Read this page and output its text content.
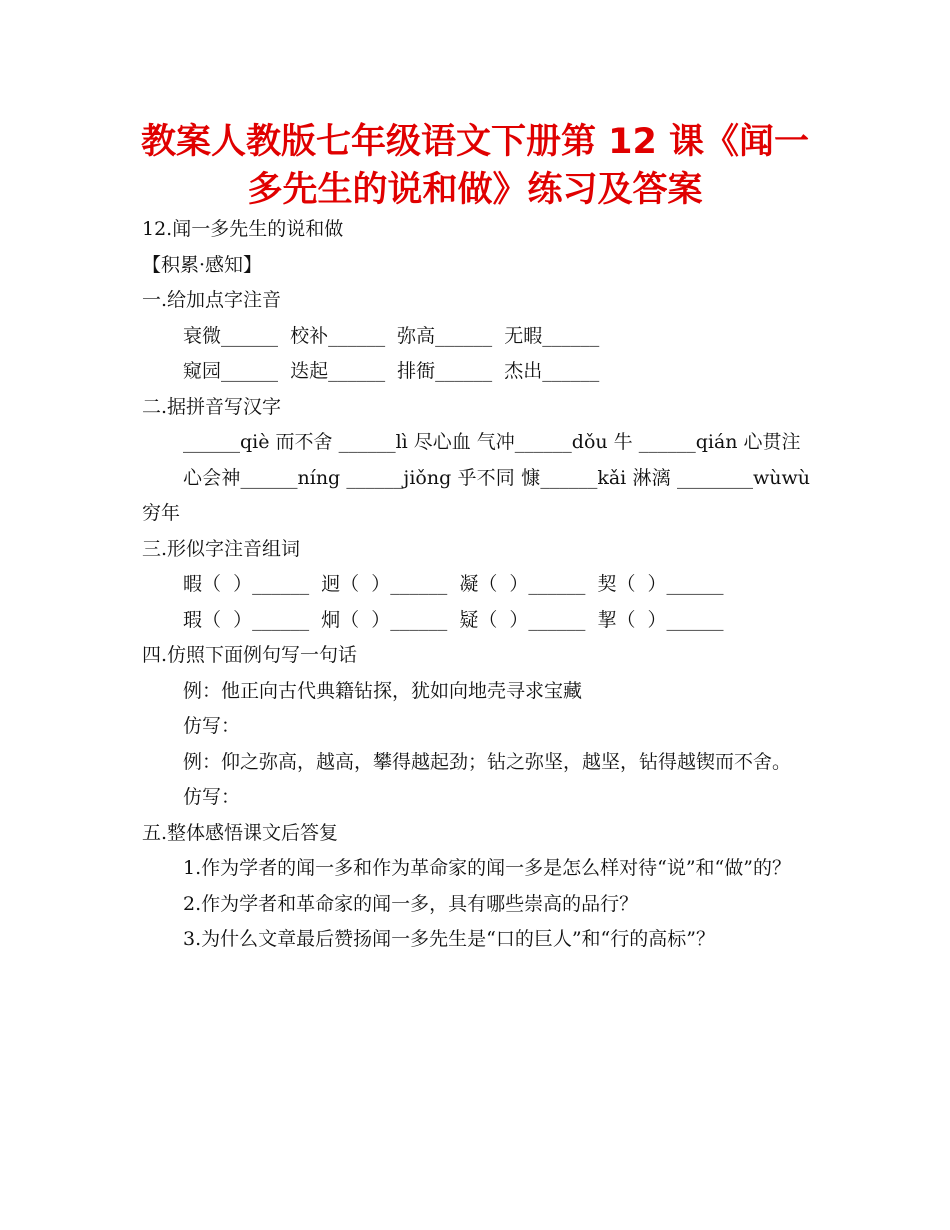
教案人教版七年级语文下册第 12 课《闻一
多先生的说和做》练习及答案

12.闻一多先生的说和做

【积累·感知】

一.给加点字注音

衰微______  校补______  弥高______  无暇______

窥园______  迭起______  排衙______  杰出______

二.据拼音写汉字

______qiè 而不舍 ______lì 尽心血 气冲______dǒu 牛 ______qián 心贯注

心会神______níng ______jiǒng 乎不同 慷______kǎi 淋漓 ________wùwù 穷年

三.形似字注音组词

暇（  ）______  迥（  ）______  凝（  ）______  契（  ）______

瑕（  ）______  炯（  ）______  疑（  ）______  挈（  ）______

四.仿照下面例句写一句话

例：他正向古代典籍钻探，犹如向地壳寻求宝藏

仿写：

例：仰之弥高，越高，攀得越起劲；钻之弥坚，越坚，钻得越锲而不舍。

仿写：

五.整体感悟课文后答复

1.作为学者的闻一多和作为革命家的闻一多是怎么样对待“说”和“做”的？

2.作为学者和革命家的闻一多，具有哪些崇高的品行？

3.为什么文章最后赞扬闻一多先生是“口的巨人”和“行的高标”？
